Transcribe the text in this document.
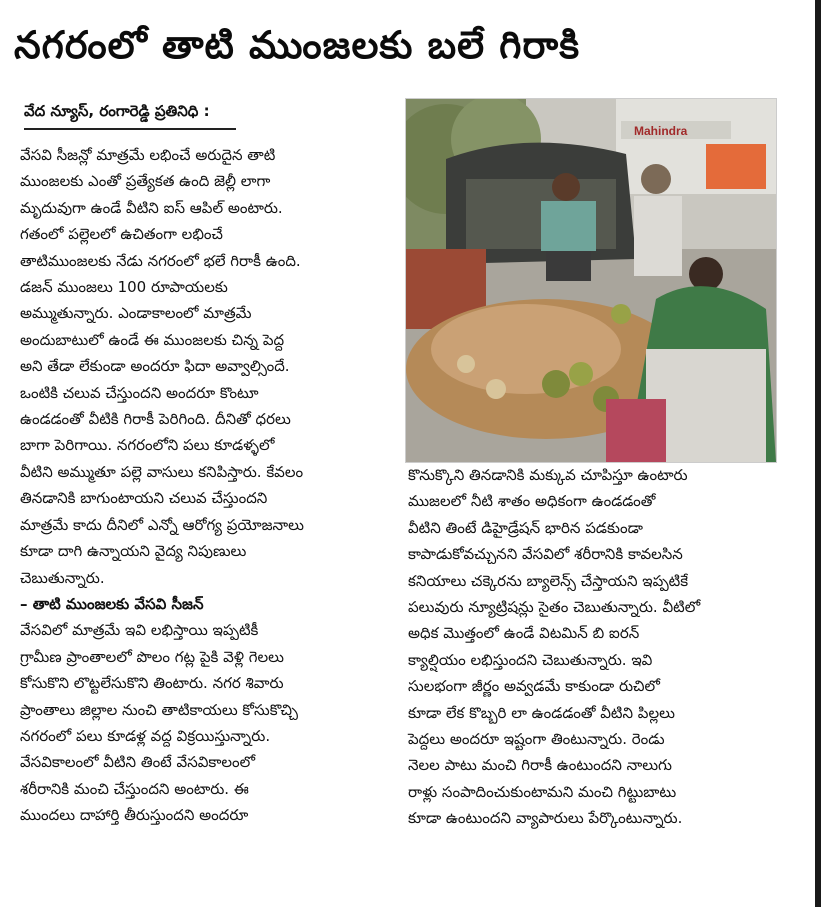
నగరంలో తాటి ముంజలకు బలే గిరాకి
వేద న్యూస్, రంగారెడ్డి ప్రతినిధి :

వేసవి సీజన్లో మాత్రమే లభించే అరుదైన తాటి

ముంజలకు ఎంతో ప్రత్యేకత ఉంది జెల్లీ లాగా

మృదువుగా ఉండే వీటిని ఐస్ ఆపిల్ అంటారు.

గతంలో పల్లెలలో ఉచితంగా లభించే

తాటిముంజలకు నేడు నగరంలో భలే గిరాకీ ఉంది.

డజన్ ముంజలు 100 రూపాయలకు

అమ్ముతున్నారు. ఎండాకాలంలో మాత్రమే

అందుబాటులో ఉండే ఈ ముంజలకు చిన్న పెద్ద

అని తేడా లేకుండా అందరూ ఫిదా అవ్వాల్సిందే.

ఒంటికి చలువ చేస్తుందని అందరూ కొంటూ

ఉండడంతో వీటికి గిరాకీ పెరిగింది. దీనితో ధరలు

బాగా పెరిగాయి. నగరంలోని పలు కూడళ్ళలో

వీటిని అమ్ముతూ పల్లె వాసులు కనిపిస్తారు. కేవలం

తినడానికి బాగుంటాయని చలువ చేస్తుందని

మాత్రమే కాదు దీనిలో ఎన్నో ఆరోగ్య ప్రయోజనాలు

కూడా దాగి ఉన్నాయని వైద్య నిపుణులు

చెబుతున్నారు.

– తాటి ముంజలకు వేసవి సీజన్

వేసవిలో మాత్రమే ఇవి లభిస్తాయి ఇప్పటికీ

గ్రామీణ ప్రాంతాలలో పొలం గట్ల పైకి వెళ్లి గెలలు

కోసుకొని లొట్టలేసుకొని తింటారు. నగర శివారు

ప్రాంతాలు జిల్లాల నుంచి తాటికాయలు కోసుకొచ్చి

నగరంలో పలు కూడళ్ల వద్ద విక్రయిస్తున్నారు.

వేసవికాలంలో వీటిని తింటే వేసవికాలంలో

శరీరానికి మంచి చేస్తుందని అంటారు. ఈ

ముందలు దాహార్తి తీరుస్తుందని అందరూ

Mahindra

కొనుక్కొని తినడానికి మక్కువ చూపిస్తూ ఉంటారు

ముజలలో నీటి శాతం అధికంగా ఉండడంతో

వీటిని తింటే డిహైడ్రేషన్ భారిన పడకుండా

కాపాడుకోవచ్చునని వేసవిలో శరీరానికి కావలసిన

కనియాలు చక్కెరను బ్యాలెన్స్ చేస్తాయని ఇప్పటికే

పలువురు న్యూట్రిషన్లు సైతం చెబుతున్నారు. వీటిలో

అధిక మొత్తంలో ఉండే విటమిన్ బి ఐరన్

క్యాల్షియం లభిస్తుందని చెబుతున్నారు. ఇవి

సులభంగా జీర్ణం అవ్వడమే కాకుండా రుచిలో

కూడా లేక కొబ్బరి లా ఉండడంతో వీటిని పిల్లలు

పెద్దలు అందరూ ఇష్టంగా తింటున్నారు. రెండు

నెలల పాటు మంచి గిరాకీ ఉంటుందని నాలుగు

రాళ్లు సంపాదించుకుంటామని మంచి గిట్టుబాటు

కూడా ఉంటుందని వ్యాపారులు పేర్కొంటున్నారు.
